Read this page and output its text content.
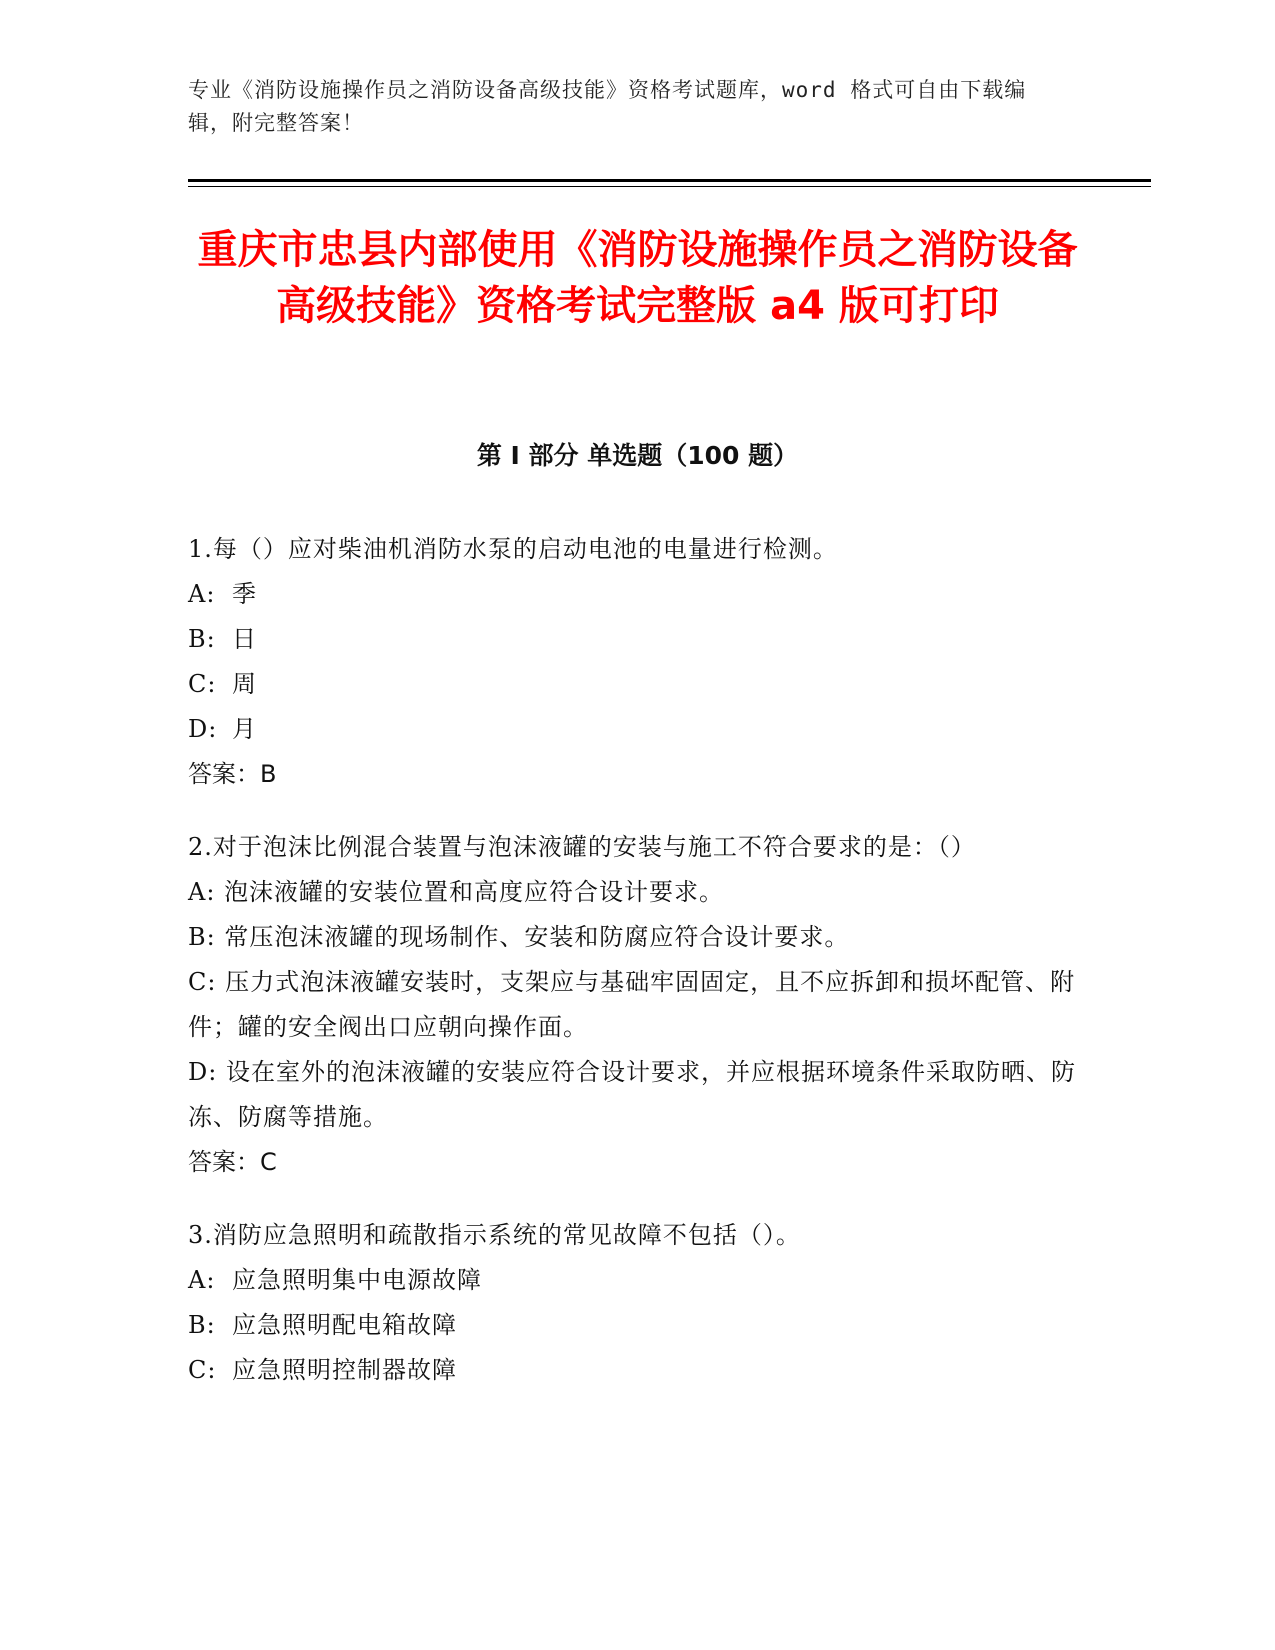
专业《消防设施操作员之消防设备高级技能》资格考试题库，word 格式可自由下载编辑，附完整答案！
重庆市忠县内部使用《消防设施操作员之消防设备高级技能》资格考试完整版 a4 版可打印
第 I 部分 单选题（100 题）
1.每（）应对柴油机消防水泵的启动电池的电量进行检测。
A: 季
B: 日
C: 周
D: 月
答案：B
2.对于泡沫比例混合装置与泡沫液罐的安装与施工不符合要求的是：（）
A: 泡沫液罐的安装位置和高度应符合设计要求。
B: 常压泡沫液罐的现场制作、安装和防腐应符合设计要求。
C: 压力式泡沫液罐安装时，支架应与基础牢固固定，且不应拆卸和损坏配管、附件；罐的安全阀出口应朝向操作面。
D: 设在室外的泡沫液罐的安装应符合设计要求，并应根据环境条件采取防晒、防冻、防腐等措施。
答案：C
3.消防应急照明和疏散指示系统的常见故障不包括（）。
A: 应急照明集中电源故障
B: 应急照明配电箱故障
C: 应急照明控制器故障
